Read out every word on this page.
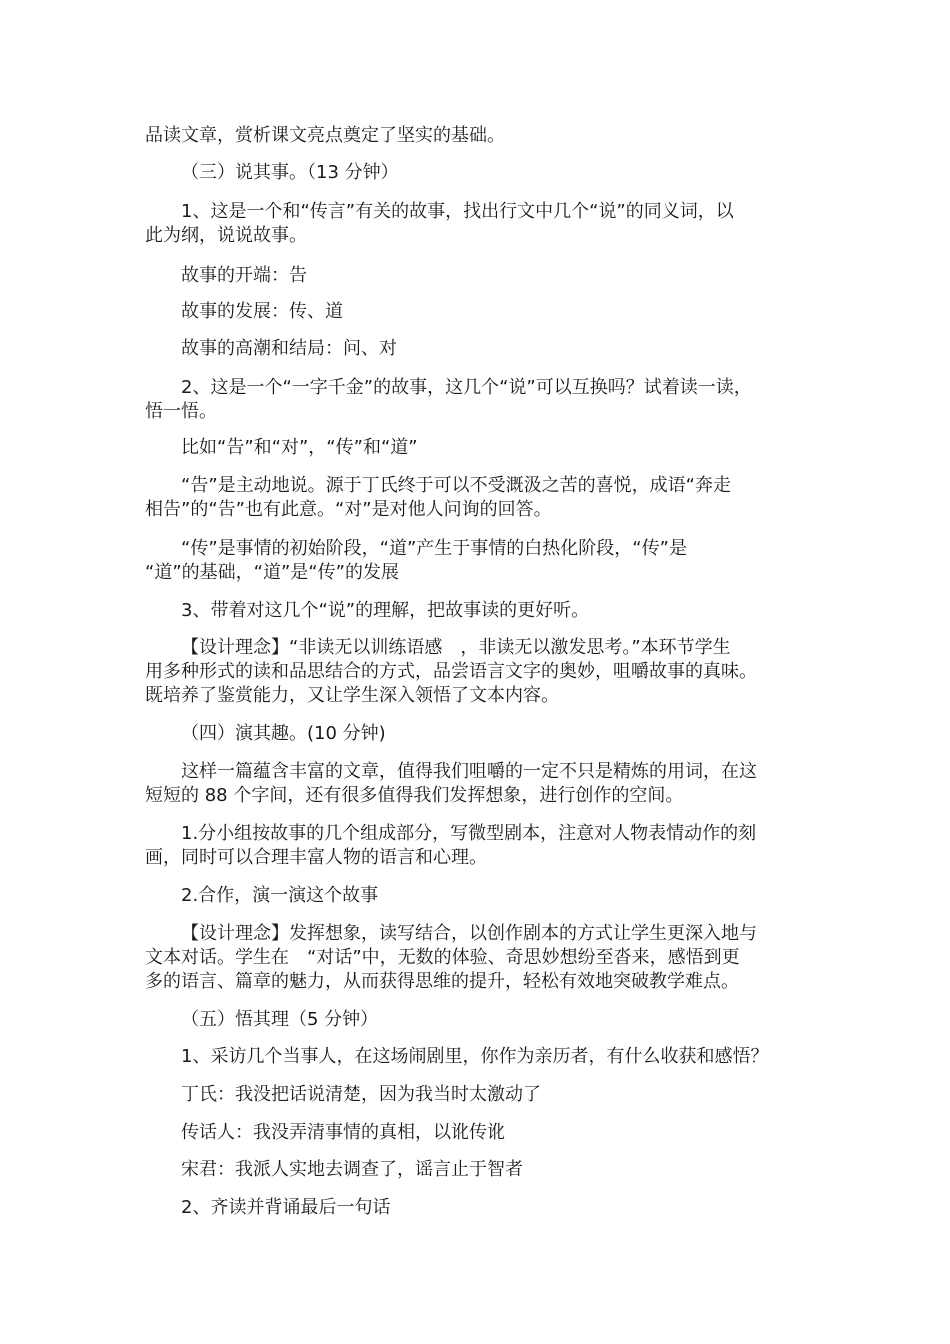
品读文章，赏析课文亮点奠定了坚实的基础。
（三）说其事。（13 分钟）
1、这是一个和“传言”有关的故事，找出行文中几个“说”的同义词，以
此为纲，说说故事。
故事的开端：告
故事的发展：传、道
故事的高潮和结局：问、对
2、这是一个“一字千金”的故事，这几个“说”可以互换吗？试着读一读，
悟一悟。
比如“告”和“对”，“传”和“道”
“告”是主动地说。源于丁氏终于可以不受溉汲之苦的喜悦，成语“奔走
相告”的“告”也有此意。“对”是对他人问询的回答。
“传”是事情的初始阶段，“道”产生于事情的白热化阶段，“传”是
“道”的基础，“道”是“传”的发展
3、带着对这几个“说”的理解，把故事读的更好听。
【设计理念】“非读无以训练语感　，非读无以激发思考。”本环节学生
用多种形式的读和品思结合的方式，品尝语言文字的奥妙，咀嚼故事的真味。
既培养了鉴赏能力，又让学生深入领悟了文本内容。
（四）演其趣。(10 分钟)
这样一篇蕴含丰富的文章，值得我们咀嚼的一定不只是精炼的用词，在这
短短的 88 个字间，还有很多值得我们发挥想象，进行创作的空间。
1.分小组按故事的几个组成部分，写微型剧本，注意对人物表情动作的刻
画，同时可以合理丰富人物的语言和心理。
2.合作，演一演这个故事
【设计理念】发挥想象，读写结合，以创作剧本的方式让学生更深入地与
文本对话。学生在　“对话”中，无数的体验、奇思妙想纷至沓来，感悟到更
多的语言、篇章的魅力，从而获得思维的提升，轻松有效地突破教学难点。
（五）悟其理（5 分钟）
1、采访几个当事人，在这场闹剧里，你作为亲历者，有什么收获和感悟？
丁氏：我没把话说清楚，因为我当时太激动了
传话人：我没弄清事情的真相，以讹传讹
宋君：我派人实地去调查了，谣言止于智者
2、齐读并背诵最后一句话
